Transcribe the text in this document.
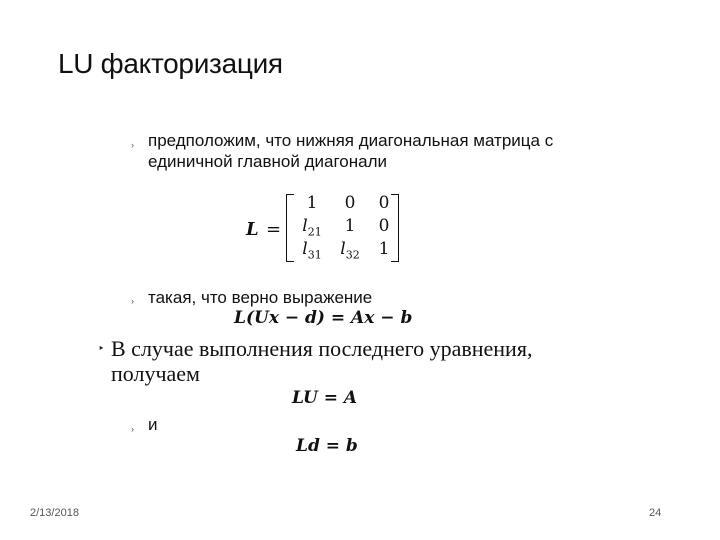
LU факторизация
› предположим, что нижняя диагональная матрица с
единичной главной диагонали
L =
1	0	0
$l_{21}$	1	0
$l_{31}$	$l_{32}$	1
› такая, что верно выражение
L(Ux − d) = Ax − b
‣ В случае выполнения последнего уравнения,
получаем
LU = A
› и
Ld = b
2/13/2018	24
